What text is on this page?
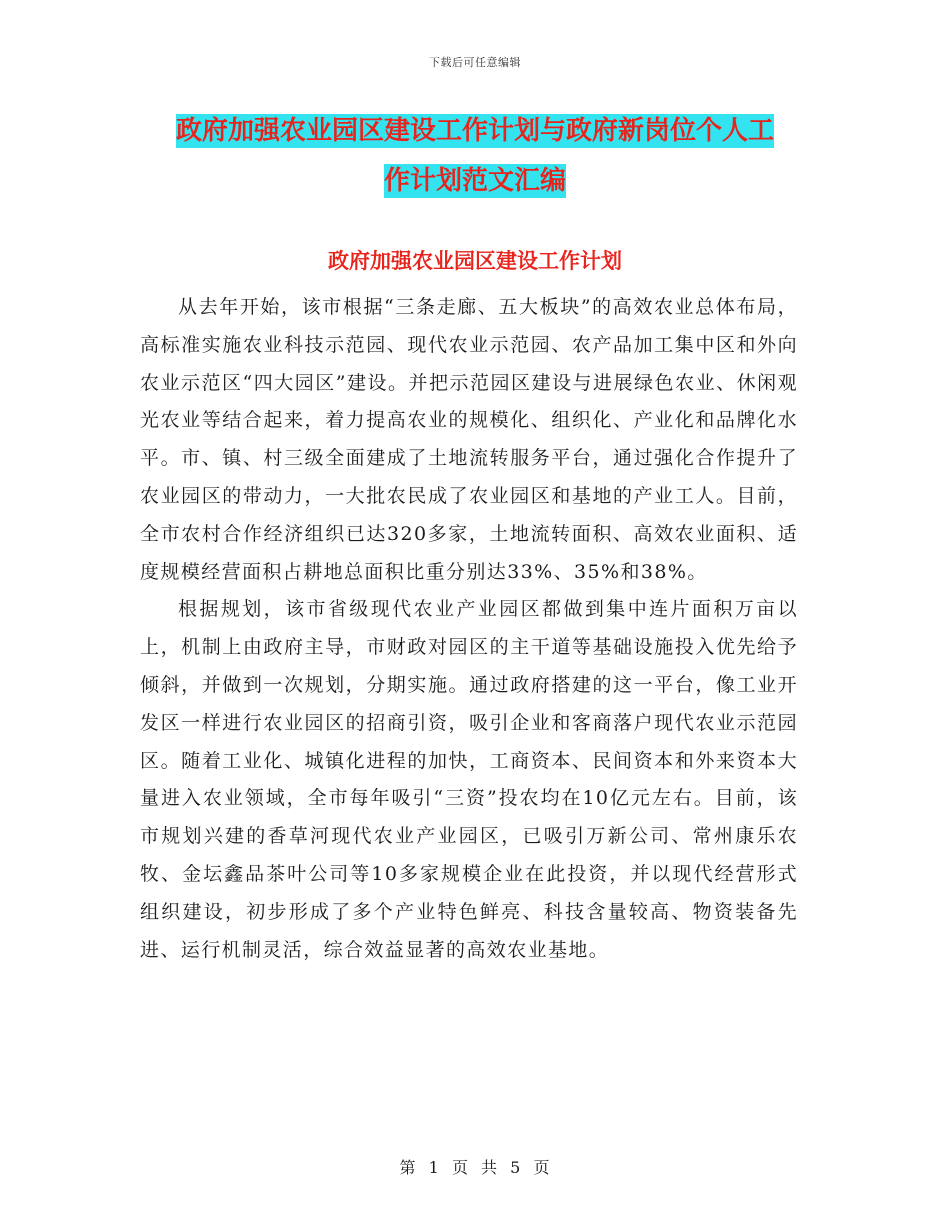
下载后可任意编辑
政府加强农业园区建设工作计划与政府新岗位个人工
作计划范文汇编
政府加强农业园区建设工作计划

从去年开始，该市根据“三条走廊、五大板块”的高效农业总体布局，高标准实施农业科技示范园、现代农业示范园、农产品加工集中区和外向农业示范区“四大园区”建设。并把示范园区建设与进展绿色农业、休闲观光农业等结合起来，着力提高农业的规模化、组织化、产业化和品牌化水平。市、镇、村三级全面建成了土地流转服务平台，通过强化合作提升了农业园区的带动力，一大批农民成了农业园区和基地的产业工人。目前，全市农村合作经济组织已达320多家，土地流转面积、高效农业面积、适度规模经营面积占耕地总面积比重分别达33%、35%和38%。

根据规划，该市省级现代农业产业园区都做到集中连片面积万亩以上，机制上由政府主导，市财政对园区的主干道等基础设施投入优先给予倾斜，并做到一次规划，分期实施。通过政府搭建的这一平台，像工业开发区一样进行农业园区的招商引资，吸引企业和客商落户现代农业示范园区。随着工业化、城镇化进程的加快，工商资本、民间资本和外来资本大量进入农业领域，全市每年吸引“三资”投农均在10亿元左右。目前，该市规划兴建的香草河现代农业产业园区，已吸引万新公司、常州康乐农牧、金坛鑫品茶叶公司等10多家规模企业在此投资，并以现代经营形式组织建设，初步形成了多个产业特色鲜亮、科技含量较高、物资装备先进、运行机制灵活，综合效益显著的高效农业基地。

第 1 页 共 5 页
